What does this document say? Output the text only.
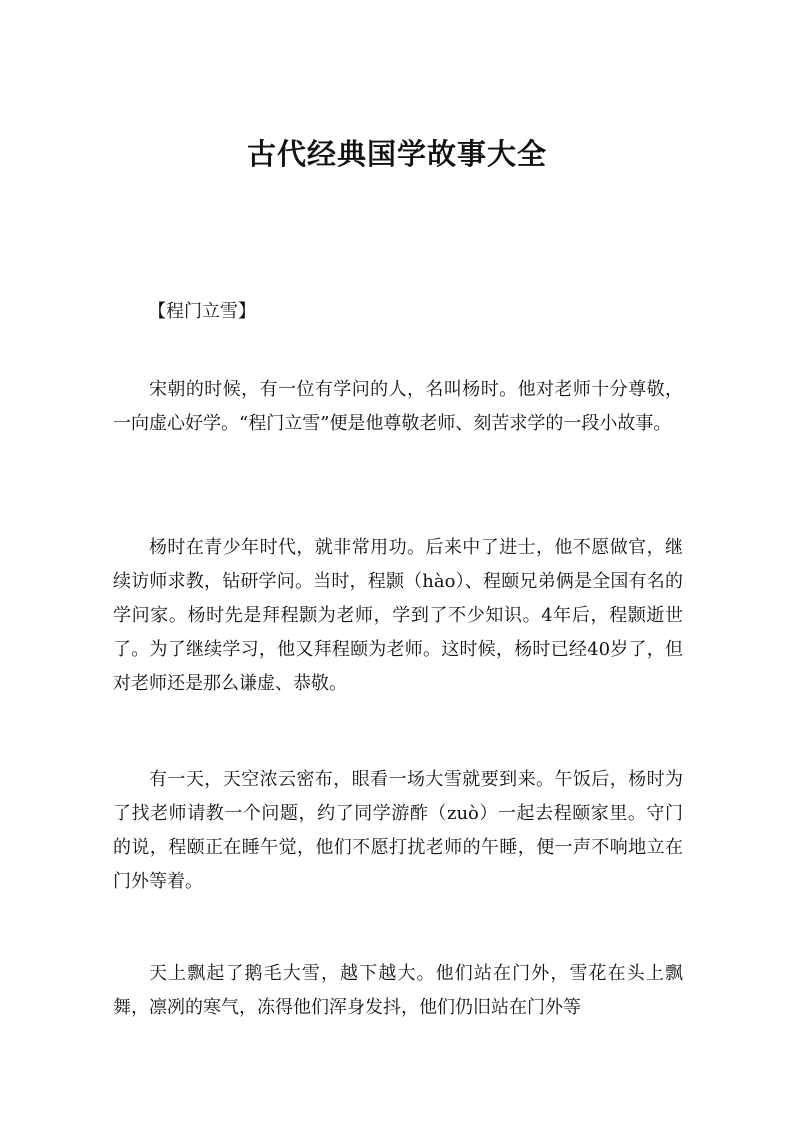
古代经典国学故事大全
【程门立雪】

宋朝的时候，有一位有学问的人，名叫杨时。他对老师十分尊敬，一向虚心好学。“程门立雪”便是他尊敬老师、刻苦求学的一段小故事。

杨时在青少年时代，就非常用功。后来中了进士，他不愿做官，继续访师求教，钻研学问。当时，程颢（hào）、程颐兄弟俩是全国有名的学问家。杨时先是拜程颢为老师，学到了不少知识。4年后，程颢逝世了。为了继续学习，他又拜程颐为老师。这时候，杨时已经40岁了，但对老师还是那么谦虚、恭敬。

有一天，天空浓云密布，眼看一场大雪就要到来。午饭后，杨时为了找老师请教一个问题，约了同学游酢（zuò）一起去程颐家里。守门的说，程颐正在睡午觉，他们不愿打扰老师的午睡，便一声不响地立在门外等着。

天上飘起了鹅毛大雪，越下越大。他们站在门外，雪花在头上飘舞，凛冽的寒气，冻得他们浑身发抖，他们仍旧站在门外等
